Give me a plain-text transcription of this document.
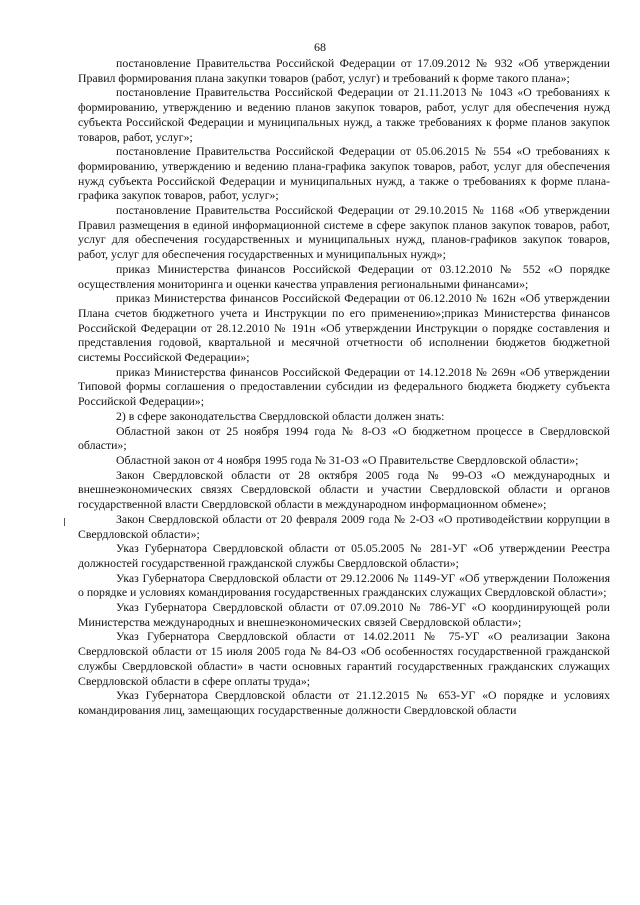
68

постановление Правительства Российской Федерации от 17.09.2012 № 932 «Об утверждении Правил формирования плана закупки товаров (работ, услуг) и требований к форме такого плана»;

постановление Правительства Российской Федерации от 21.11.2013 № 1043 «О требованиях к формированию, утверждению и ведению планов закупок товаров, работ, услуг для обеспечения нужд субъекта Российской Федерации и муниципальных нужд, а также требованиях к форме планов закупок товаров, работ, услуг»;

постановление Правительства Российской Федерации от 05.06.2015 № 554 «О требованиях к формированию, утверждению и ведению плана-графика закупок товаров, работ, услуг для обеспечения нужд субъекта Российской Федерации и муниципальных нужд, а также о требованиях к форме плана-графика закупок товаров, работ, услуг»;

постановление Правительства Российской Федерации от 29.10.2015 № 1168 «Об утверждении Правил размещения в единой информационной системе в сфере закупок планов закупок товаров, работ, услуг для обеспечения государственных и муниципальных нужд, планов-графиков закупок товаров, работ, услуг для обеспечения государственных и муниципальных нужд»;

приказ Министерства финансов Российской Федерации от 03.12.2010 № 552 «О порядке осуществления мониторинга и оценки качества управления региональными финансами»;

приказ Министерства финансов Российской Федерации от 06.12.2010 № 162н «Об утверждении Плана счетов бюджетного учета и Инструкции по его применению»;приказ Министерства финансов Российской Федерации от 28.12.2010 № 191н «Об утверждении Инструкции о порядке составления и представления годовой, квартальной и месячной отчетности об исполнении бюджетов бюджетной системы Российской Федерации»;

приказ Министерства финансов Российской Федерации от 14.12.2018 № 269н «Об утверждении Типовой формы соглашения о предоставлении субсидии из федерального бюджета бюджету субъекта Российской Федерации»;

2) в сфере законодательства Свердловской области должен знать:

Областной закон от 25 ноября 1994 года № 8-ОЗ «О бюджетном процессе в Свердловской области»;

Областной закон от 4 ноября 1995 года № 31-ОЗ «О Правительстве Свердловской области»;

Закон Свердловской области от 28 октября 2005 года № 99-ОЗ «О международных и внешнеэкономических связях Свердловской области и участии Свердловской области и органов государственной власти Свердловской области в международном информационном обмене»;

Закон Свердловской области от 20 февраля 2009 года № 2-ОЗ «О противодействии коррупции в Свердловской области»;

Указ Губернатора Свердловской области от 05.05.2005 № 281-УГ «Об утверждении Реестра должностей государственной гражданской службы Свердловской области»;

Указ Губернатора Свердловской области от 29.12.2006 № 1149-УГ «Об утверждении Положения о порядке и условиях командирования государственных гражданских служащих Свердловской области»;

Указ Губернатора Свердловской области от 07.09.2010 № 786-УГ «О координирующей роли Министерства международных и внешнеэкономических связей Свердловской области»;

Указ Губернатора Свердловской области от 14.02.2011 № 75-УГ «О реализации Закона Свердловской области от 15 июля 2005 года № 84-ОЗ «Об особенностях государственной гражданской службы Свердловской области» в части основных гарантий государственных гражданских служащих Свердловской области в сфере оплаты труда»;

Указ Губернатора Свердловской области от 21.12.2015 № 653-УГ «О порядке и условиях командирования лиц, замещающих государственные должности Свердловской области
